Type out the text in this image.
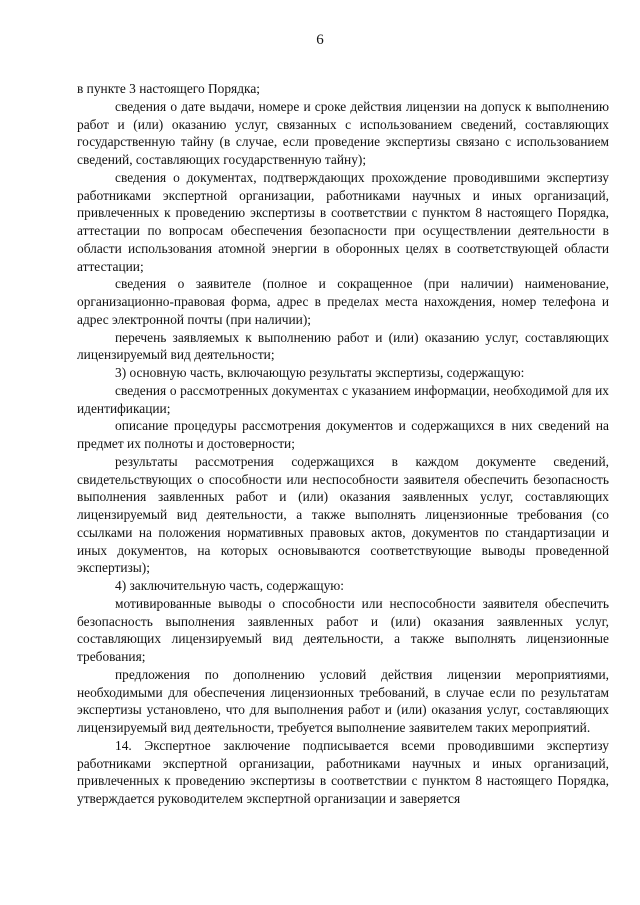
6

в пункте 3 настоящего Порядка;

сведения о дате выдачи, номере и сроке действия лицензии на допуск к выполнению работ и (или) оказанию услуг, связанных с использованием сведений, составляющих государственную тайну (в случае, если проведение экспертизы связано с использованием сведений, составляющих государственную тайну);

сведения о документах, подтверждающих прохождение проводившими экспертизу работниками экспертной организации, работниками научных и иных организаций, привлеченных к проведению экспертизы в соответствии с пунктом 8 настоящего Порядка, аттестации по вопросам обеспечения безопасности при осуществлении деятельности в области использования атомной энергии в оборонных целях в соответствующей области аттестации;

сведения о заявителе (полное и сокращенное (при наличии) наименование, организационно-правовая форма, адрес в пределах места нахождения, номер телефона и адрес электронной почты (при наличии);

перечень заявляемых к выполнению работ и (или) оказанию услуг, составляющих лицензируемый вид деятельности;

3) основную часть, включающую результаты экспертизы, содержащую:

сведения о рассмотренных документах с указанием информации, необходимой для их идентификации;

описание процедуры рассмотрения документов и содержащихся в них сведений на предмет их полноты и достоверности;

результаты рассмотрения содержащихся в каждом документе сведений, свидетельствующих о способности или неспособности заявителя обеспечить безопасность выполнения заявленных работ и (или) оказания заявленных услуг, составляющих лицензируемый вид деятельности, а также выполнять лицензионные требования (со ссылками на положения нормативных правовых актов, документов по стандартизации и иных документов, на которых основываются соответствующие выводы проведенной экспертизы);

4) заключительную часть, содержащую:

мотивированные выводы о способности или неспособности заявителя обеспечить безопасность выполнения заявленных работ и (или) оказания заявленных услуг, составляющих лицензируемый вид деятельности, а также выполнять лицензионные требования;

предложения по дополнению условий действия лицензии мероприятиями, необходимыми для обеспечения лицензионных требований, в случае если по результатам экспертизы установлено, что для выполнения работ и (или) оказания услуг, составляющих лицензируемый вид деятельности, требуется выполнение заявителем таких мероприятий.

14. Экспертное заключение подписывается всеми проводившими экспертизу работниками экспертной организации, работниками научных и иных организаций, привлеченных к проведению экспертизы в соответствии с пунктом 8 настоящего Порядка, утверждается руководителем экспертной организации и заверяется
